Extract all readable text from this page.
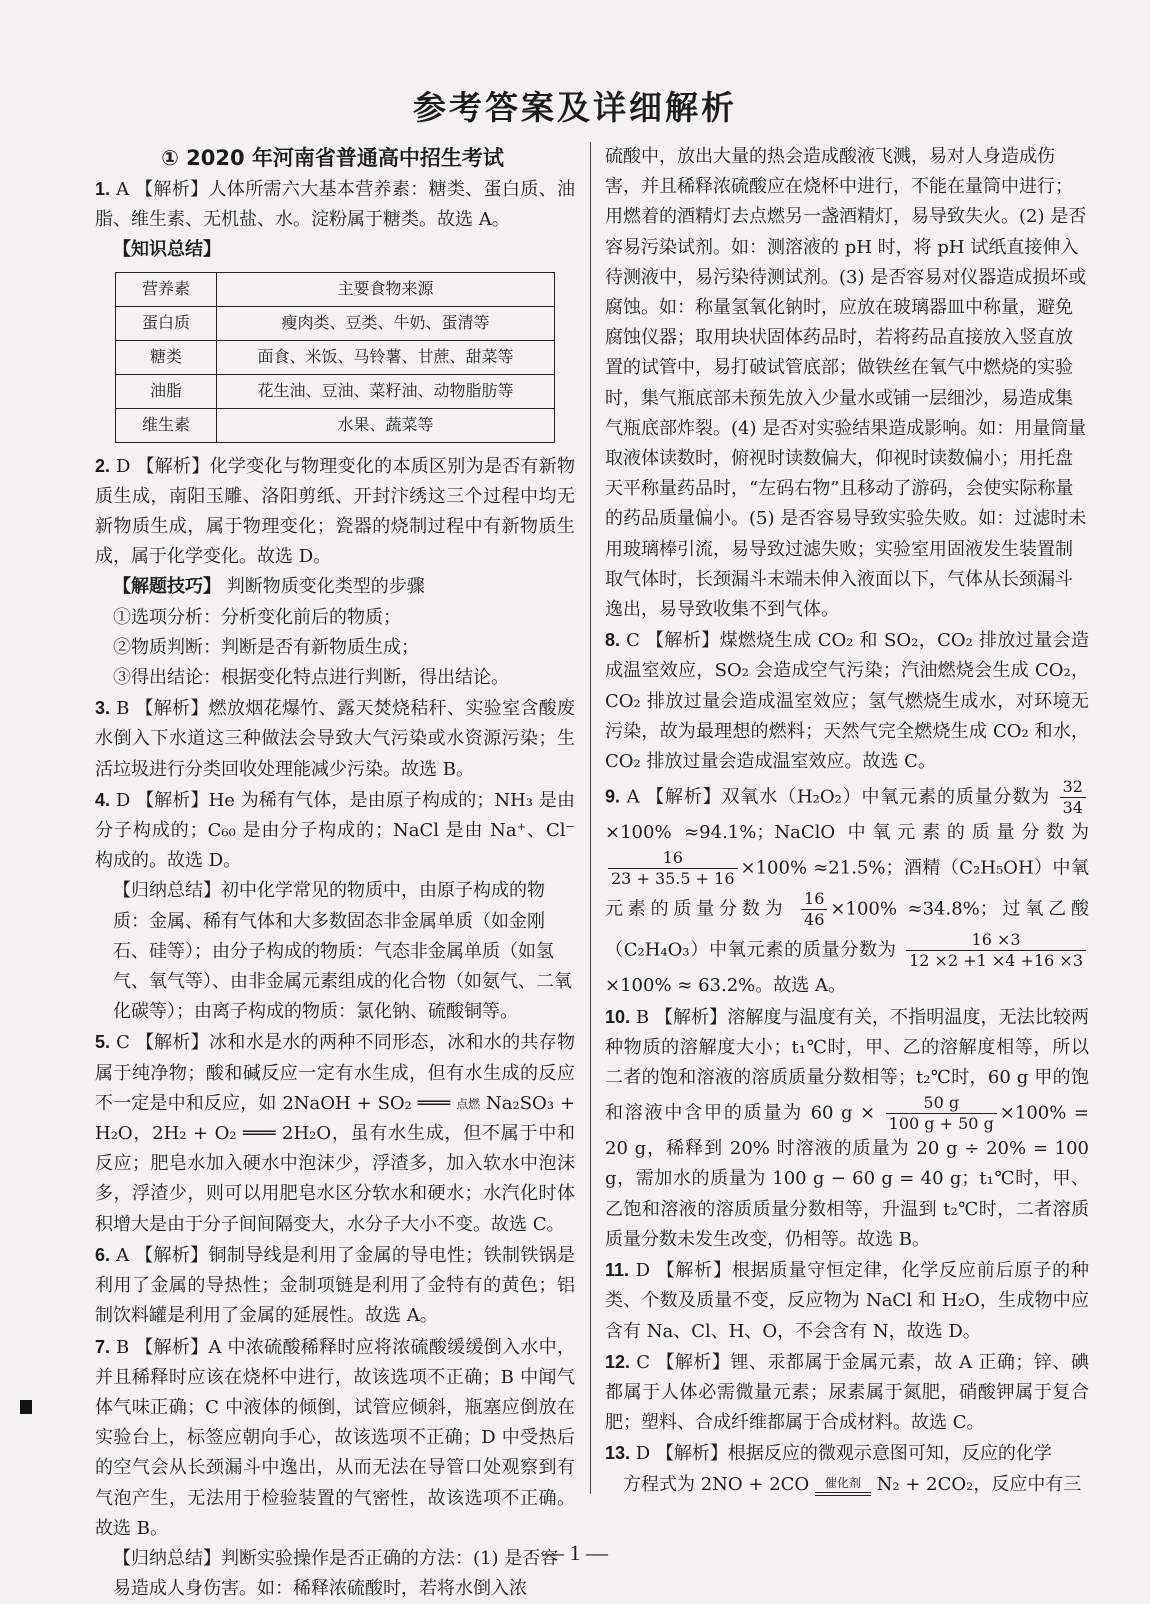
参考答案及详细解析
① 2020 年河南省普通高中招生考试

1. A 【解析】人体所需六大基本营养素：糖类、蛋白质、油脂、维生素、无机盐、水。淀粉属于糖类。故选 A。

【知识总结】
营养素	主要食物来源
蛋白质	瘦肉类、豆类、牛奶、蛋清等
糖类	面食、米饭、马铃薯、甘蔗、甜菜等
油脂	花生油、豆油、菜籽油、动物脂肪等
维生素	水果、蔬菜等

2. D 【解析】化学变化与物理变化的本质区别为是否有新物质生成，南阳玉雕、洛阳剪纸、开封汴绣这三个过程中均无新物质生成，属于物理变化；瓷器的烧制过程中有新物质生成，属于化学变化。故选 D。

【解题技巧】 判断物质变化类型的步骤

①选项分析：分析变化前后的物质；

②物质判断：判断是否有新物质生成；

③得出结论：根据变化特点进行判断，得出结论。

3. B 【解析】燃放烟花爆竹、露天焚烧秸秆、实验室含酸废水倒入下水道这三种做法会导致大气污染或水资源污染；生活垃圾进行分类回收处理能减少污染。故选 B。

4. D 【解析】He 为稀有气体，是由原子构成的；NH₃ 是由分子构成的；C₆₀ 是由分子构成的；NaCl 是由 Na⁺、Cl⁻ 构成的。故选 D。

【归纳总结】初中化学常见的物质中，由原子构成的物质：金属、稀有气体和大多数固态非金属单质（如金刚石、硅等）；由分子构成的物质：气态非金属单质（如氢气、氧气等）、由非金属元素组成的化合物（如氨气、二氧化碳等）；由离子构成的物质：氯化钠、硫酸铜等。

5. C 【解析】冰和水是水的两种不同形态，冰和水的共存物属于纯净物；酸和碱反应一定有水生成，但有水生成的反应不一定是中和反应，如 2NaOH + SO₂ ═══ 点燃 Na₂SO₃ + H₂O，2H₂ + O₂ ═══ 2H₂O，虽有水生成，但不属于中和反应；肥皂水加入硬水中泡沫少，浮渣多，加入软水中泡沫多，浮渣少，则可以用肥皂水区分软水和硬水；水汽化时体积增大是由于分子间间隔变大，水分子大小不变。故选 C。

6. A 【解析】铜制导线是利用了金属的导电性；铁制铁锅是利用了金属的导热性；金制项链是利用了金特有的黄色；铝制饮料罐是利用了金属的延展性。故选 A。

7. B 【解析】A 中浓硫酸稀释时应将浓硫酸缓缓倒入水中，并且稀释时应该在烧杯中进行，故该选项不正确；B 中闻气体气味正确；C 中液体的倾倒，试管应倾斜，瓶塞应倒放在实验台上，标签应朝向手心，故该选项不正确；D 中受热后的空气会从长颈漏斗中逸出，从而无法在导管口处观察到有气泡产生，无法用于检验装置的气密性，故该选项不正确。故选 B。

【归纳总结】判断实验操作是否正确的方法：(1) 是否容易造成人身伤害。如：稀释浓硫酸时，若将水倒入浓

硫酸中，放出大量的热会造成酸液飞溅，易对人身造成伤害，并且稀释浓硫酸应在烧杯中进行，不能在量筒中进行；用燃着的酒精灯去点燃另一盏酒精灯，易导致失火。(2) 是否容易污染试剂。如：测溶液的 pH 时，将 pH 试纸直接伸入待测液中，易污染待测试剂。(3) 是否容易对仪器造成损坏或腐蚀。如：称量氢氧化钠时，应放在玻璃器皿中称量，避免腐蚀仪器；取用块状固体药品时，若将药品直接放入竖直放置的试管中，易打破试管底部；做铁丝在氧气中燃烧的实验时，集气瓶底部未预先放入少量水或铺一层细沙，易造成集气瓶底部炸裂。(4) 是否对实验结果造成影响。如：用量筒量取液体读数时，俯视时读数偏大，仰视时读数偏小；用托盘天平称量药品时，“左码右物”且移动了游码，会使实际称量的药品质量偏小。(5) 是否容易导致实验失败。如：过滤时未用玻璃棒引流，易导致过滤失败；实验室用固液发生装置制取气体时，长颈漏斗末端未伸入液面以下，气体从长颈漏斗逸出，易导致收集不到气体。

8. C 【解析】煤燃烧生成 CO₂ 和 SO₂，CO₂ 排放过量会造成温室效应，SO₂ 会造成空气污染；汽油燃烧会生成 CO₂，CO₂ 排放过量会造成温室效应；氢气燃烧生成水，对环境无污染，故为最理想的燃料；天然气完全燃烧生成 CO₂ 和水，CO₂ 排放过量会造成温室效应。故选 C。

9. A 【解析】双氧水（H₂O₂）中氧元素的质量分数为 $\frac{32}{34}$
×100% ≈94.1%；NaClO 中氧元素的质量分数为
$\frac{16}{23 + 35.5 + 16} \times 100\% \approx 21.5\%$；酒精（C₂H₅OH）中氧元素的质量分数为 $\frac{16}{46} \times 100\% \approx 34.8\%$；过氧乙酸（C₂H₄O₃）中氧元素的质量分数为 $\frac{16 \times 3}{12 \times 2 +1 \times 4 +16 \times 3}$
×100% ≈ 63.2%。故选 A。

10. B 【解析】溶解度与温度有关，不指明温度，无法比较两种物质的溶解度大小；t₁℃时，甲、乙的溶解度相等，所以二者的饱和溶液的溶质质量分数相等；t₂℃时，60 g 甲的饱和溶液中含甲的质量为 60 $g \times \frac{50 g}{100 g + 50 g} \times 100\% = 20$ g，稀释到 20% 时溶液的质量为 20 g ÷ 20% = 100 g，需加水的质量为 100 g − 60 g = 40 g；t₁℃时，甲、乙饱和溶液的溶质质量分数相等，升温到 t₂℃时，二者溶质质量分数未发生改变，仍相等。故选 B。

11. D 【解析】根据质量守恒定律，化学反应前后原子的种类、个数及质量不变，反应物为 NaCl 和 H₂O，生成物中应含有 Na、Cl、H、O，不会含有 N，故选 D。

12. C 【解析】锂、汞都属于金属元素，故 A 正确；锌、碘都属于人体必需微量元素；尿素属于氮肥，硝酸钾属于复合肥；塑料、合成纤维都属于合成材料。故选 C。

13. D 【解析】根据反应的微观示意图可知，反应的化学

方程式为 2NO + 2CO	催化剂 N₂ + 2CO₂，反应中有三

— 1 —
